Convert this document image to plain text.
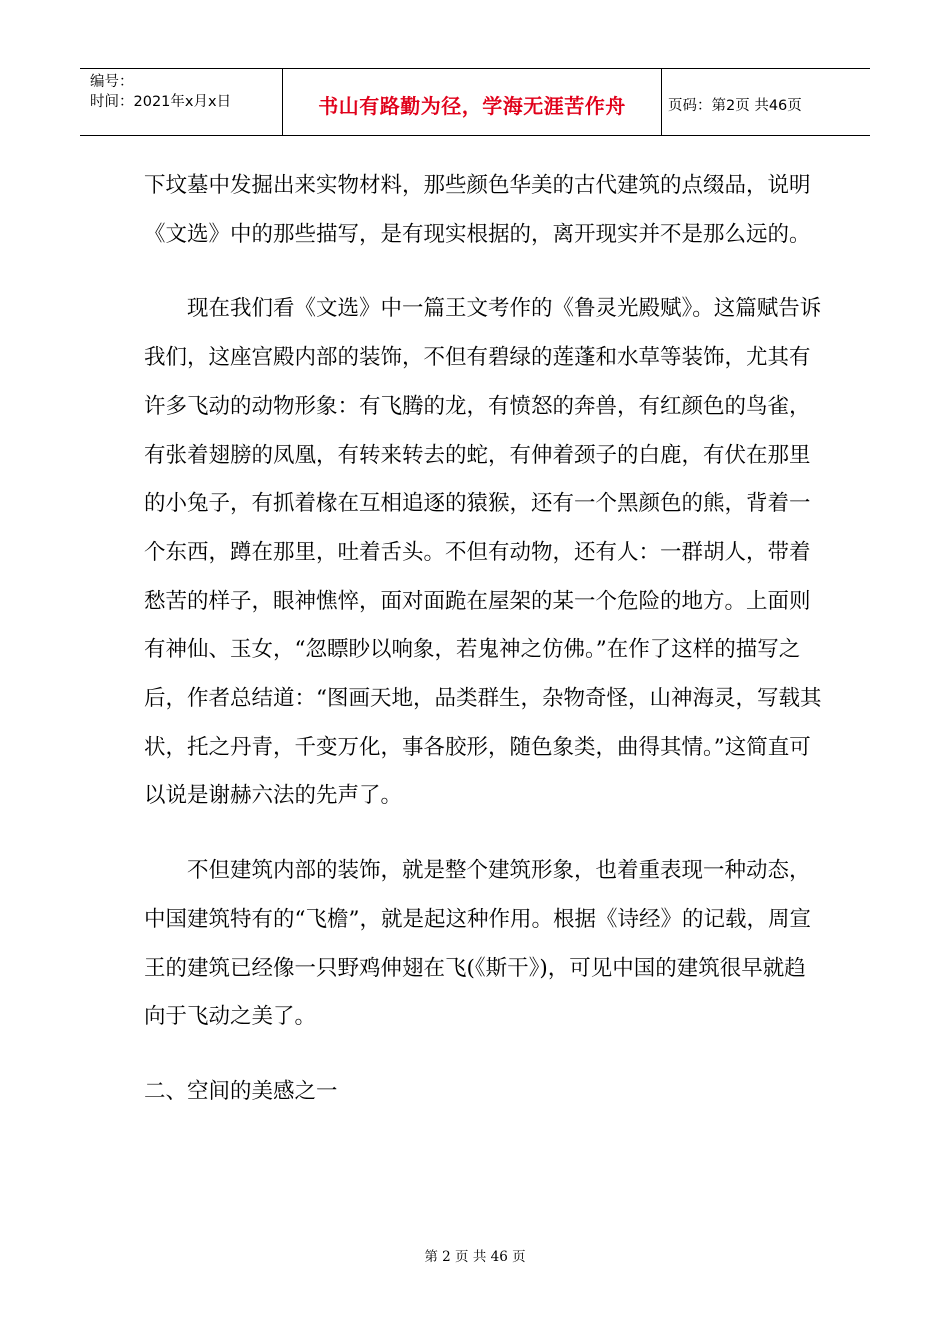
编号：
时间：2021年x月x日	书山有路勤为径，学海无涯苦作舟	页码：第2页 共46页

下坟墓中发掘出来实物材料，那些颜色华美的古代建筑的点缀品，说明《文选》中的那些描写，是有现实根据的，离开现实并不是那么远的。

现在我们看《文选》中一篇王文考作的《鲁灵光殿赋》。这篇赋告诉我们，这座宫殿内部的装饰，不但有碧绿的莲蓬和水草等装饰，尤其有许多飞动的动物形象：有飞腾的龙，有愤怒的奔兽，有红颜色的鸟雀，有张着翅膀的凤凰，有转来转去的蛇，有伸着颈子的白鹿，有伏在那里的小兔子，有抓着椽在互相追逐的猿猴，还有一个黑颜色的熊，背着一个东西，蹲在那里，吐着舌头。不但有动物，还有人：一群胡人，带着愁苦的样子，眼神憔悴，面对面跪在屋架的某一个危险的地方。上面则有神仙、玉女，“忽瞟眇以响象，若鬼神之仿佛。”在作了这样的描写之后，作者总结道：“图画天地，品类群生，杂物奇怪，山神海灵，写载其状，托之丹青，千变万化，事各胶形，随色象类，曲得其情。”这简直可以说是谢赫六法的先声了。

不但建筑内部的装饰，就是整个建筑形象，也着重表现一种动态，中国建筑特有的“飞檐”，就是起这种作用。根据《诗经》的记载，周宣王的建筑已经像一只野鸡伸翅在飞(《斯干》)，可见中国的建筑很早就趋向于飞动之美了。

二、空间的美感之一

第 2 页 共 46 页
